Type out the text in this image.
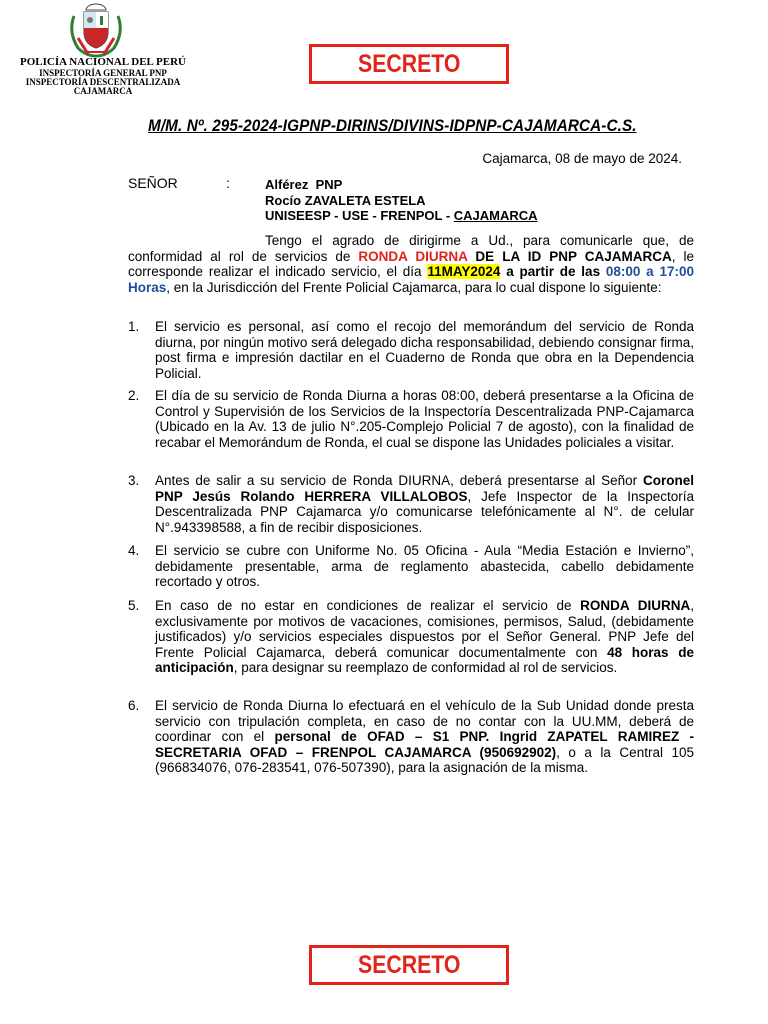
POLICÍA NACIONAL DEL PERÚ
INSPECTORÍA GENERAL PNP
INSPECTORÍA DESCENTRALIZADA
CAJAMARCA
SECRETO
M/M. Nº. 295-2024-IGPNP-DIRINS/DIVINS-IDPNP-CAJAMARCA-C.S.
Cajamarca, 08 de mayo de 2024.
SEÑOR	:	Alférez  PNP
Rocío ZAVALETA ESTELA
UNISEESP - USE - FRENPOL - CAJAMARCA
Tengo el agrado de dirigirme a Ud., para comunicarle que, de conformidad al rol de servicios de RONDA DIURNA DE LA ID PNP CAJAMARCA, le corresponde realizar el indicado servicio, el día 11MAY2024 a partir de las 08:00 a 17:00 Horas, en la Jurisdicción del Frente Policial Cajamarca, para lo cual dispone lo siguiente:
1. El servicio es personal, así como el recojo del memorándum del servicio de Ronda diurna, por ningún motivo será delegado dicha responsabilidad, debiendo consignar firma, post firma e impresión dactilar en el Cuaderno de Ronda que obra en la Dependencia Policial.
2. El día de su servicio de Ronda Diurna a horas 08:00, deberá presentarse a la Oficina de Control y Supervisión de los Servicios de la Inspectoría Descentralizada PNP-Cajamarca (Ubicado en la Av. 13 de julio N°.205-Complejo Policial 7 de agosto), con la finalidad de recabar el Memorándum de Ronda, el cual se dispone las Unidades policiales a visitar.
3. Antes de salir a su servicio de Ronda DIURNA, deberá presentarse al Señor Coronel PNP Jesús Rolando HERRERA VILLALOBOS, Jefe Inspector de la Inspectoría Descentralizada PNP Cajamarca y/o comunicarse telefónicamente al N°. de celular N°.943398588, a fin de recibir disposiciones.
4. El servicio se cubre con Uniforme No. 05 Oficina - Aula “Media Estación e Invierno”, debidamente presentable, arma de reglamento abastecida, cabello debidamente recortado y otros.
5. En caso de no estar en condiciones de realizar el servicio de RONDA DIURNA, exclusivamente por motivos de vacaciones, comisiones, permisos, Salud, (debidamente justificados) y/o servicios especiales dispuestos por el Señor General. PNP Jefe del Frente Policial Cajamarca, deberá comunicar documentalmente con 48 horas de anticipación, para designar su reemplazo de conformidad al rol de servicios.
6. El servicio de Ronda Diurna lo efectuará en el vehículo de la Sub Unidad donde presta servicio con tripulación completa, en caso de no contar con la UU.MM, deberá de coordinar con el personal de OFAD – S1 PNP. Ingrid ZAPATEL RAMIREZ - SECRETARIA OFAD – FRENPOL CAJAMARCA (950692902), o a la Central 105 (966834076, 076-283541, 076-507390), para la asignación de la misma.
SECRETO
